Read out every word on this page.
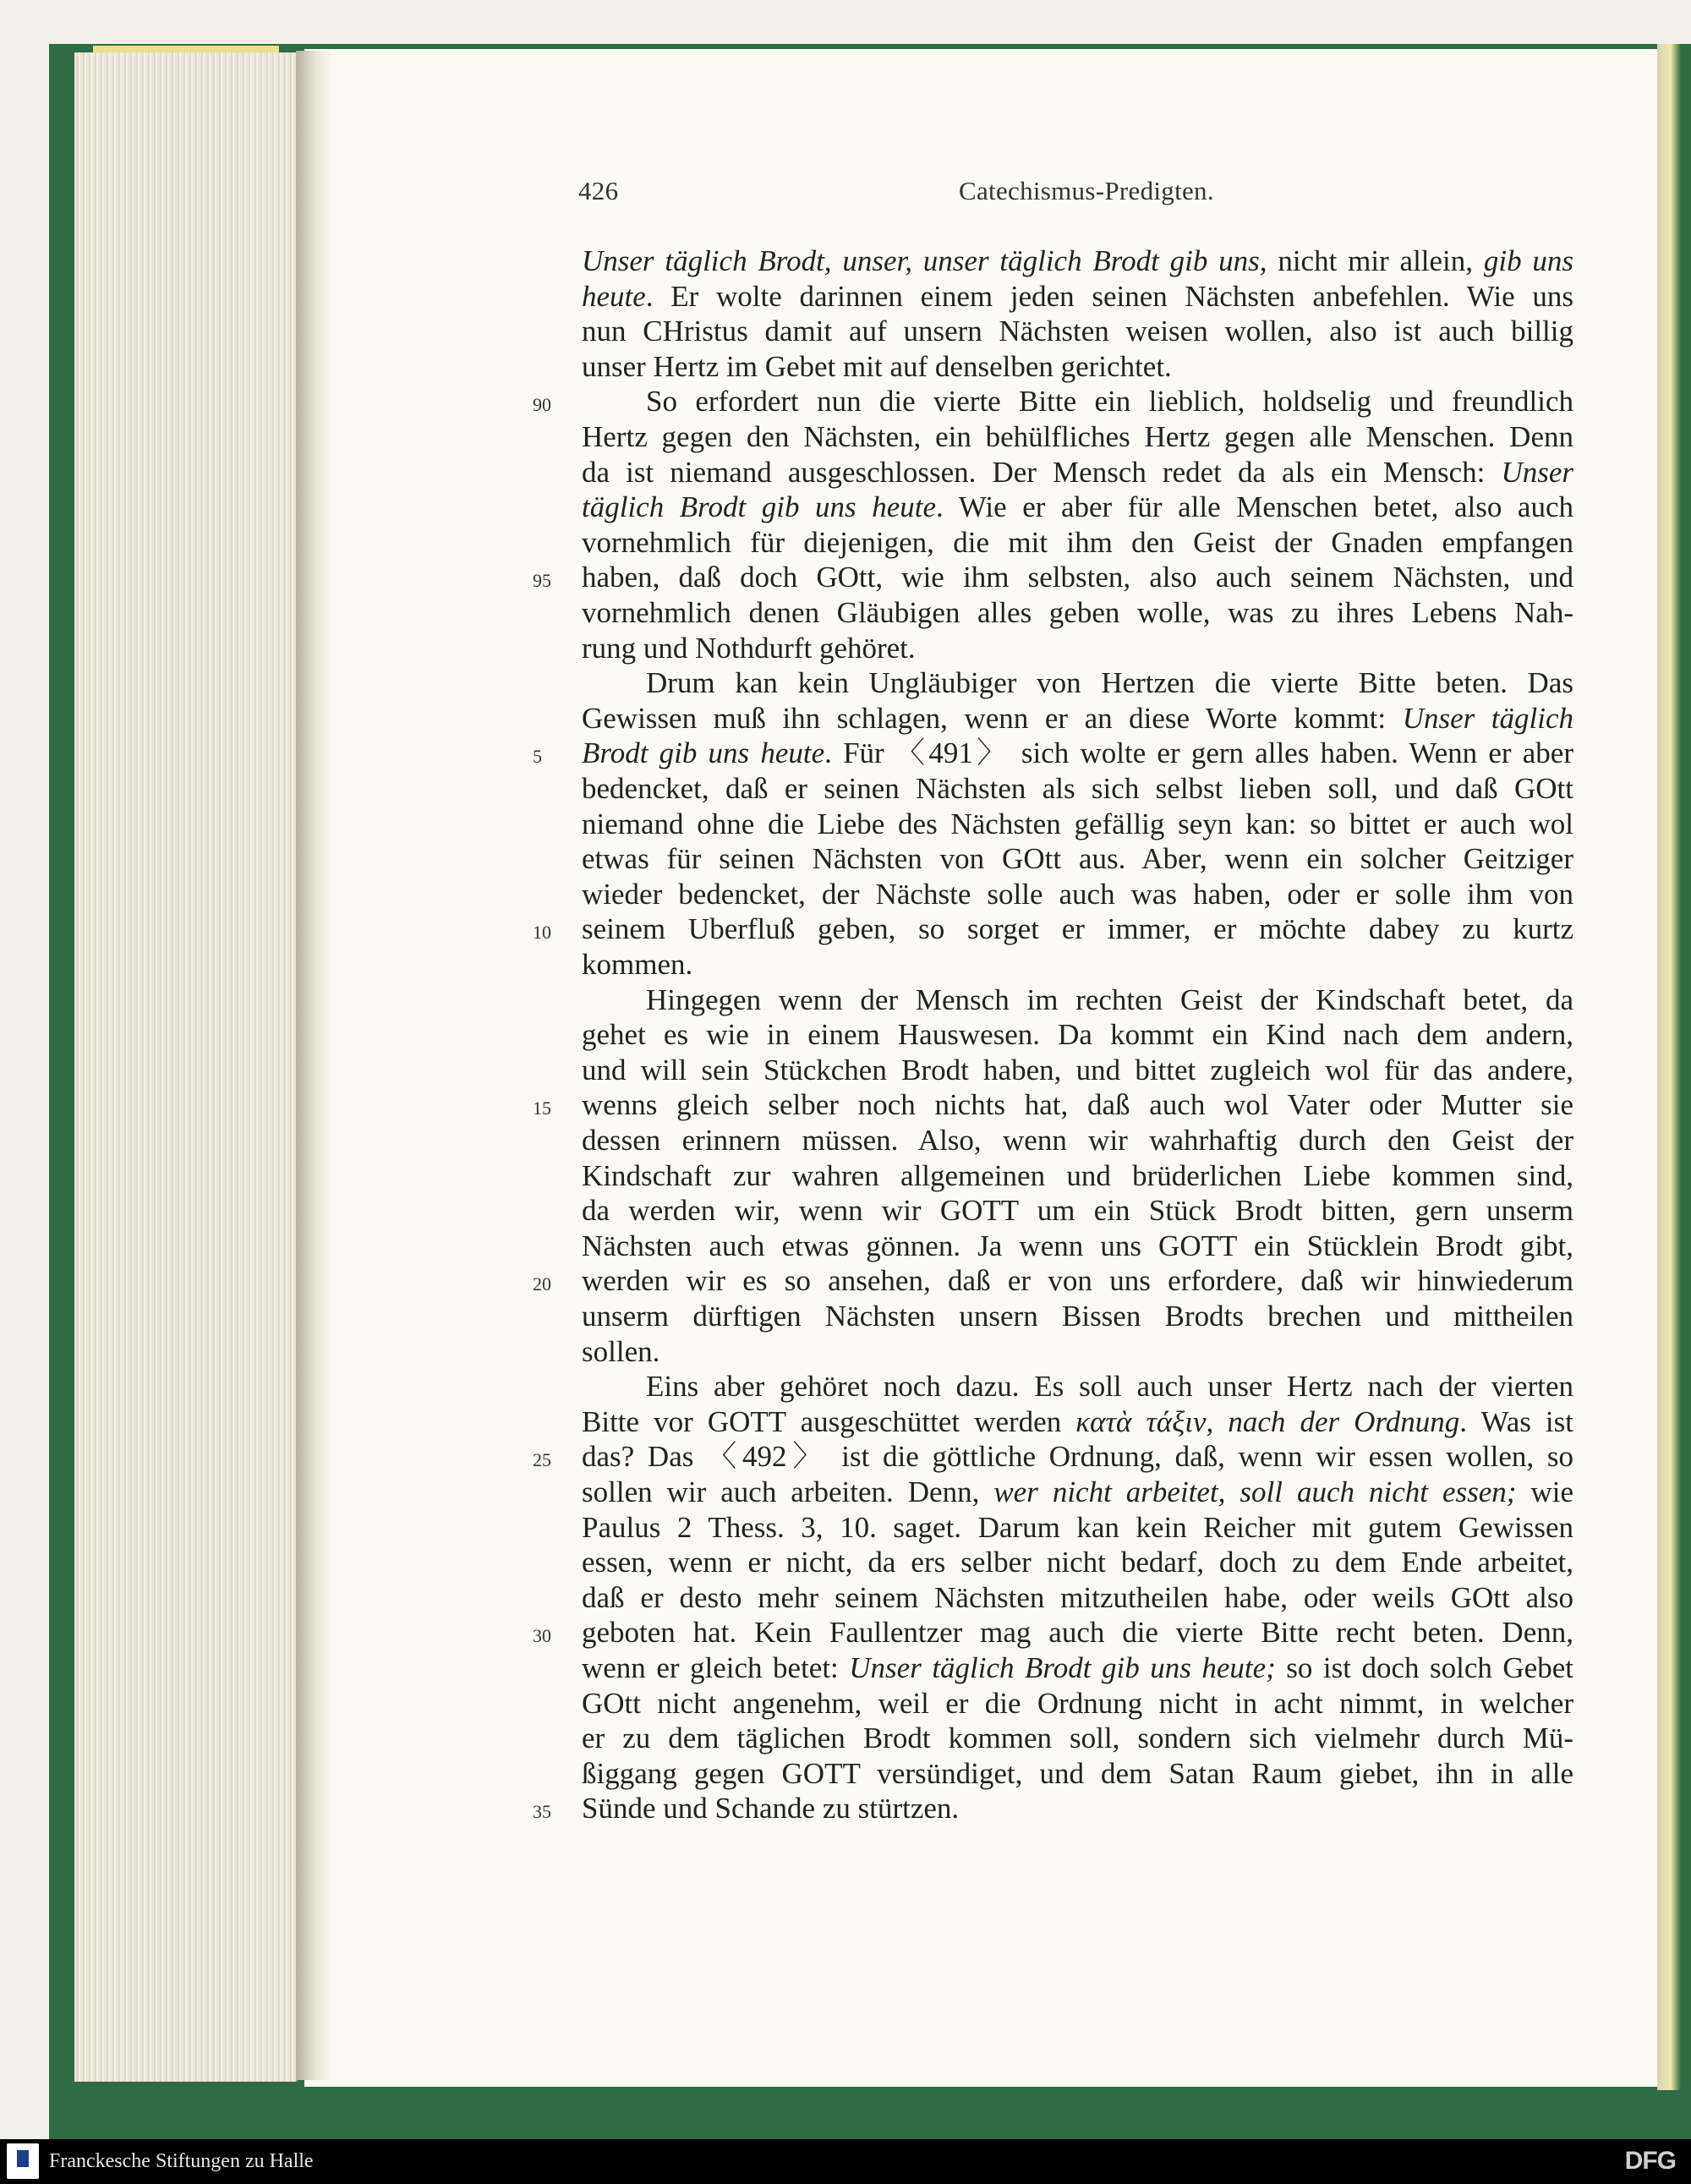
426	Catechismus-Predigten.
Unser täglich Brodt, unser, unser täglich Brodt gib uns, nicht mir allein, gib uns
heute. Er wolte darinnen einem jeden seinen Nächsten anbefehlen. Wie uns
nun CHristus damit auf unsern Nächsten weisen wollen, also ist auch billig
unser Hertz im Gebet mit auf denselben gerichtet.
So erfordert nun die vierte Bitte ein lieblich, holdselig und freundlich
90
Hertz gegen den Nächsten, ein behülfliches Hertz gegen alle Menschen. Denn
da ist niemand ausgeschlossen. Der Mensch redet da als ein Mensch: Unser
täglich Brodt gib uns heute. Wie er aber für alle Menschen betet, also auch
vornehmlich für diejenigen, die mit ihm den Geist der Gnaden empfangen
haben, daß doch GOtt, wie ihm selbsten, also auch seinem Nächsten, und
95
vornehmlich denen Gläubigen alles geben wolle, was zu ihres Lebens Nah-
rung und Nothdurft gehöret.
Drum kan kein Ungläubiger von Hertzen die vierte Bitte beten. Das
Gewissen muß ihn schlagen, wenn er an diese Worte kommt: Unser täglich
Brodt gib uns heute. Für 〈491〉 sich wolte er gern alles haben. Wenn er aber
5
bedencket, daß er seinen Nächsten als sich selbst lieben soll, und daß GOtt
niemand ohne die Liebe des Nächsten gefällig seyn kan: so bittet er auch wol
etwas für seinen Nächsten von GOtt aus. Aber, wenn ein solcher Geitziger
wieder bedencket, der Nächste solle auch was haben, oder er solle ihm von
seinem Uberfluß geben, so sorget er immer, er möchte dabey zu kurtz
10
kommen.
Hingegen wenn der Mensch im rechten Geist der Kindschaft betet, da
gehet es wie in einem Hauswesen. Da kommt ein Kind nach dem andern,
und will sein Stückchen Brodt haben, und bittet zugleich wol für das andere,
wenns gleich selber noch nichts hat, daß auch wol Vater oder Mutter sie
15
dessen erinnern müssen. Also, wenn wir wahrhaftig durch den Geist der
Kindschaft zur wahren allgemeinen und brüderlichen Liebe kommen sind,
da werden wir, wenn wir GOTT um ein Stück Brodt bitten, gern unserm
Nächsten auch etwas gönnen. Ja wenn uns GOTT ein Stücklein Brodt gibt,
werden wir es so ansehen, daß er von uns erfordere, daß wir hinwiederum
20
unserm dürftigen Nächsten unsern Bissen Brodts brechen und mittheilen
sollen.
Eins aber gehöret noch dazu. Es soll auch unser Hertz nach der vierten
Bitte vor GOTT ausgeschüttet werden κατὰ τάξιν, nach der Ordnung. Was ist
das? Das 〈492〉 ist die göttliche Ordnung, daß, wenn wir essen wollen, so
25
sollen wir auch arbeiten. Denn, wer nicht arbeitet, soll auch nicht essen; wie
Paulus 2 Thess. 3, 10. saget. Darum kan kein Reicher mit gutem Gewissen
essen, wenn er nicht, da ers selber nicht bedarf, doch zu dem Ende arbeitet,
daß er desto mehr seinem Nächsten mitzutheilen habe, oder weils GOtt also
geboten hat. Kein Faullentzer mag auch die vierte Bitte recht beten. Denn,
30
wenn er gleich betet: Unser täglich Brodt gib uns heute; so ist doch solch Gebet
GOtt nicht angenehm, weil er die Ordnung nicht in acht nimmt, in welcher
er zu dem täglichen Brodt kommen soll, sondern sich vielmehr durch Mü-
ßiggang gegen GOTT versündiget, und dem Satan Raum giebet, ihn in alle
Sünde und Schande zu stürtzen.
35
Franckesche Stiftungen zu Halle	DFG
